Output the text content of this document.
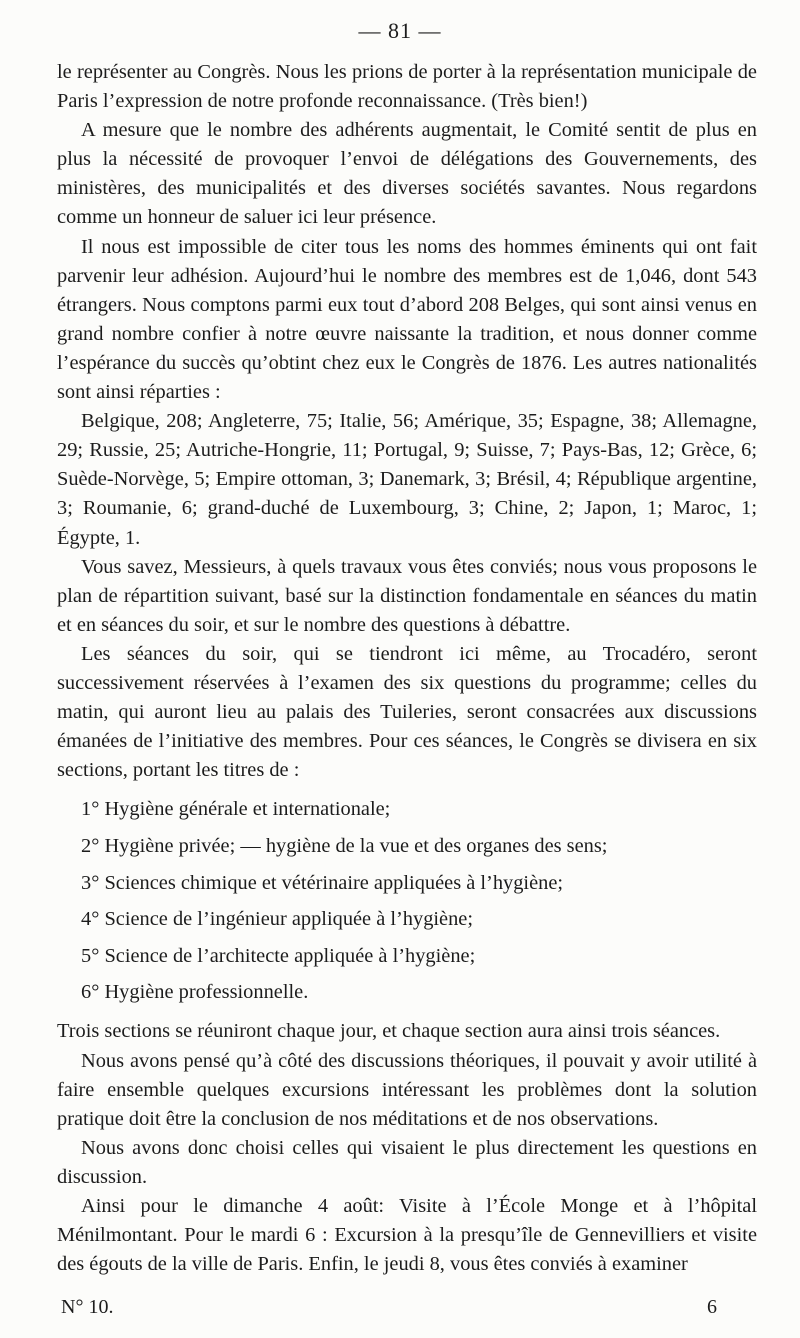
— 81 —

le représenter au Congrès. Nous les prions de porter à la représentation municipale de Paris l’expression de notre profonde reconnaissance. (Très bien!)

A mesure que le nombre des adhérents augmentait, le Comité sentit de plus en plus la nécessité de provoquer l’envoi de délégations des Gouvernements, des ministères, des municipalités et des diverses sociétés savantes. Nous regardons comme un honneur de saluer ici leur présence.

Il nous est impossible de citer tous les noms des hommes éminents qui ont fait parvenir leur adhésion. Aujourd’hui le nombre des membres est de 1,046, dont 543 étrangers. Nous comptons parmi eux tout d’abord 208 Belges, qui sont ainsi venus en grand nombre confier à notre œuvre naissante la tradition, et nous donner comme l’espérance du succès qu’obtint chez eux le Congrès de 1876. Les autres nationalités sont ainsi réparties :

Belgique, 208; Angleterre, 75; Italie, 56; Amérique, 35; Espagne, 38; Allemagne, 29; Russie, 25; Autriche-Hongrie, 11; Portugal, 9; Suisse, 7; Pays-Bas, 12; Grèce, 6; Suède-Norvège, 5; Empire ottoman, 3; Danemark, 3; Brésil, 4; République argentine, 3; Roumanie, 6; grand-duché de Luxembourg, 3; Chine, 2; Japon, 1; Maroc, 1; Égypte, 1.

Vous savez, Messieurs, à quels travaux vous êtes conviés; nous vous proposons le plan de répartition suivant, basé sur la distinction fondamentale en séances du matin et en séances du soir, et sur le nombre des questions à débattre.

Les séances du soir, qui se tiendront ici même, au Trocadéro, seront successivement réservées à l’examen des six questions du programme; celles du matin, qui auront lieu au palais des Tuileries, seront consacrées aux discussions émanées de l’initiative des membres. Pour ces séances, le Congrès se divisera en six sections, portant les titres de :

1° Hygiène générale et internationale;
2° Hygiène privée; — hygiène de la vue et des organes des sens;
3° Sciences chimique et vétérinaire appliquées à l’hygiène;
4° Science de l’ingénieur appliquée à l’hygiène;
5° Science de l’architecte appliquée à l’hygiène;
6° Hygiène professionnelle.

Trois sections se réuniront chaque jour, et chaque section aura ainsi trois séances.

Nous avons pensé qu’à côté des discussions théoriques, il pouvait y avoir utilité à faire ensemble quelques excursions intéressant les problèmes dont la solution pratique doit être la conclusion de nos méditations et de nos observations.

Nous avons donc choisi celles qui visaient le plus directement les questions en discussion.

Ainsi pour le dimanche 4 août: Visite à l’École Monge et à l’hôpital Ménilmontant. Pour le mardi 6 : Excursion à la presqu’île de Gennevilliers et visite des égouts de la ville de Paris. Enfin, le jeudi 8, vous êtes conviés à examiner

N° 10.	6
